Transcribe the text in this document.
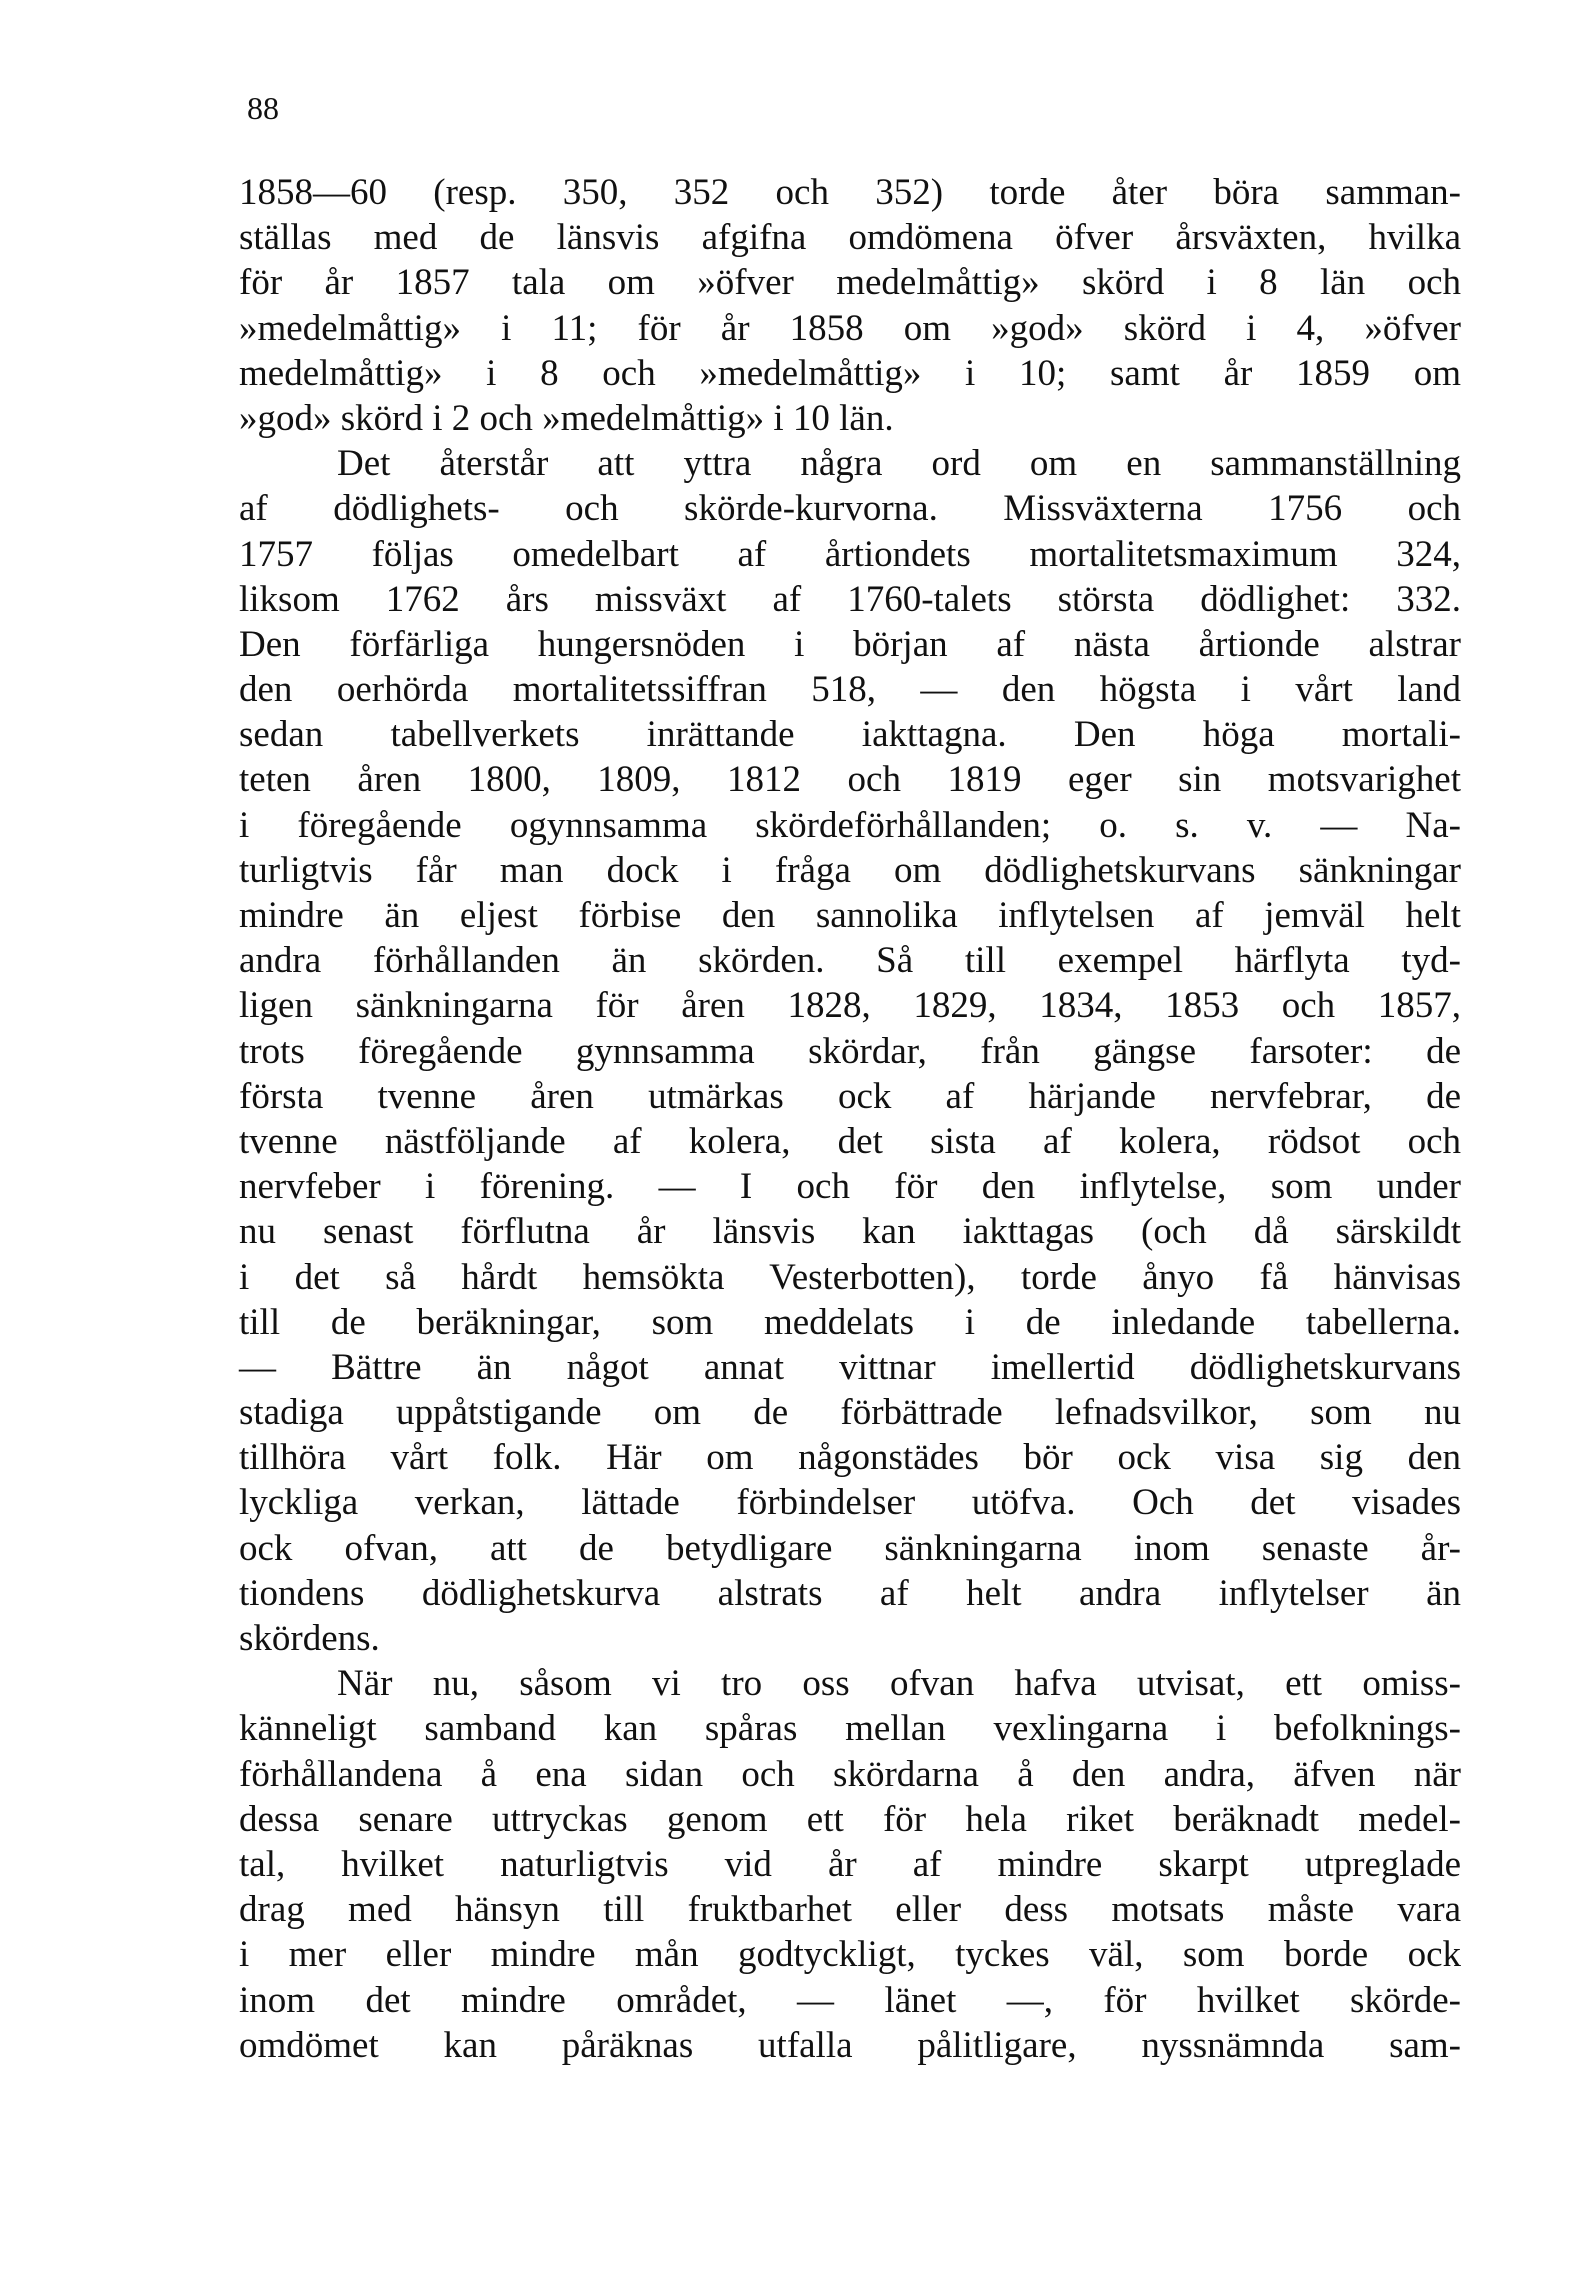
88
1858—60 (resp. 350, 352 och 352) torde åter böra samman-
ställas med de länsvis afgifna omdömena öfver årsväxten, hvilka
för år 1857 tala om »öfver medelmåttig» skörd i 8 län och
»medelmåttig» i 11; för år 1858 om »god» skörd i 4, »öfver
medelmåttig» i 8 och »medelmåttig» i 10; samt år 1859 om
»god» skörd i 2 och »medelmåttig» i 10 län.
Det återstår att yttra några ord om en sammanställning
af dödlighets- och skörde-kurvorna. Missväxterna 1756 och
1757 följas omedelbart af årtiondets mortalitetsmaximum 324,
liksom 1762 års missväxt af 1760-talets största dödlighet: 332.
Den förfärliga hungersnöden i början af nästa årtionde alstrar
den oerhörda mortalitetssiffran 518, — den högsta i vårt land
sedan tabellverkets inrättande iakttagna. Den höga mortali-
teten åren 1800, 1809, 1812 och 1819 eger sin motsvarighet
i föregående ogynnsamma skördeförhållanden; o. s. v. — Na-
turligtvis får man dock i fråga om dödlighetskurvans sänkningar
mindre än eljest förbise den sannolika inflytelsen af jemväl helt
andra förhållanden än skörden. Så till exempel härflyta tyd-
ligen sänkningarna för åren 1828, 1829, 1834, 1853 och 1857,
trots föregående gynnsamma skördar, från gängse farsoter: de
första tvenne åren utmärkas ock af härjande nervfebrar, de
tvenne nästföljande af kolera, det sista af kolera, rödsot och
nervfeber i förening. — I och för den inflytelse, som under
nu senast förflutna år länsvis kan iakttagas (och då särskildt
i det så hårdt hemsökta Vesterbotten), torde ånyo få hänvisas
till de beräkningar, som meddelats i de inledande tabellerna.
— Bättre än något annat vittnar imellertid dödlighetskurvans
stadiga uppåtstigande om de förbättrade lefnadsvilkor, som nu
tillhöra vårt folk. Här om någonstädes bör ock visa sig den
lyckliga verkan, lättade förbindelser utöfva. Och det visades
ock ofvan, att de betydligare sänkningarna inom senaste år-
tiondens dödlighetskurva alstrats af helt andra inflytelser än
skördens.
När nu, såsom vi tro oss ofvan hafva utvisat, ett omiss-
känneligt samband kan spåras mellan vexlingarna i befolknings-
förhållandena å ena sidan och skördarna å den andra, äfven när
dessa senare uttryckas genom ett för hela riket beräknadt medel-
tal, hvilket naturligtvis vid år af mindre skarpt utpreglade
drag med hänsyn till fruktbarhet eller dess motsats måste vara
i mer eller mindre mån godtyckligt, tyckes väl, som borde ock
inom det mindre området, — länet —, för hvilket skörde-
omdömet kan påräknas utfalla pålitligare, nyssnämnda sam-
